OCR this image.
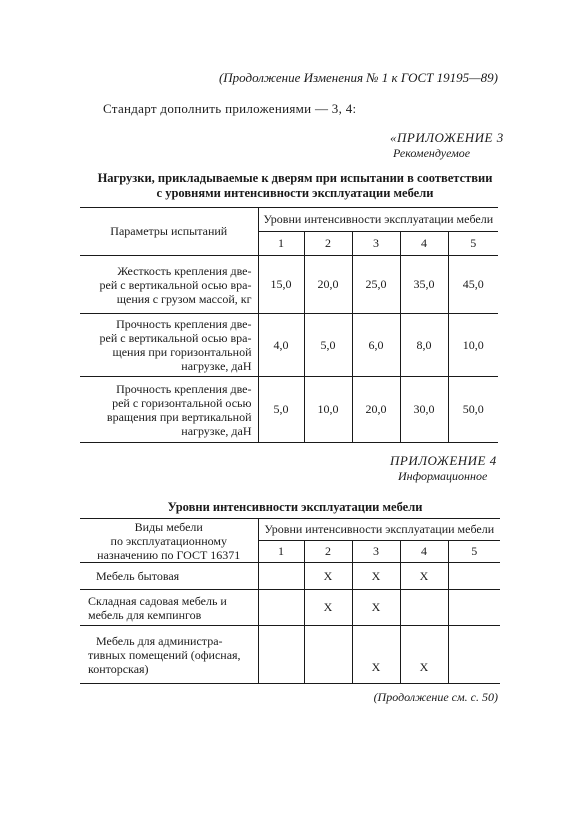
(Продолжение Изменения № 1 к ГОСТ 19195—89)
Стандарт дополнить приложениями — 3, 4:
«ПРИЛОЖЕНИЕ 3
Рекомендуемое
Нагрузки, прикладываемые к дверям при испытании в соответствии
с уровнями интенсивности эксплуатации мебели
Параметры испытаний	Уровни интенсивности эксплуатации мебели				
	1	2	3	4	5

Жесткость крепления две-
рей с вертикальной осью вра-
щения с грузом массой, кг	15,0	20,0	25,0	35,0	45,0

Прочность крепления две-
рей с вертикальной осью вра-
щения при горизонтальной
нагрузке, даН	4,0	5,0	6,0	8,0	10,0

Прочность крепления две-
рей с горизонтальной осью
вращения при вертикальной
нагрузке, даН	5,0	10,0	20,0	30,0	50,0
ПРИЛОЖЕНИЕ 4
Информационное
Уровни интенсивности эксплуатации мебели
Виды мебели
по эксплуатационному
назначению по ГОСТ 16371	Уровни интенсивности эксплуатации мебели				
	1	2	3	4	5

Мебель бытовая		X	X	X	

Складная садовая мебель и
мебель для кемпингов		X	X		

Мебель для администра-
тивных помещений (офисная,
конторская)			X	X	
(Продолжение см. с. 50)
